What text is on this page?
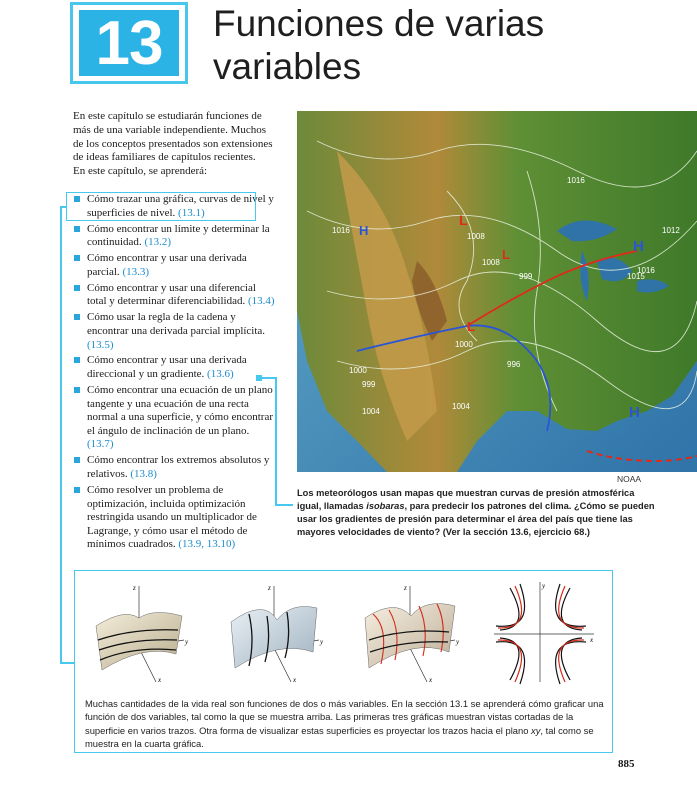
13	Funciones de varias variables
En este capítulo se estudiarán funciones de más de una variable independiente. Muchos de los conceptos presentados son extensiones de ideas familiares de capítulos recientes.
En este capítulo, se aprenderá:
Cómo trazar una gráfica, curvas de nivel y superficies de nivel. (13.1)
Cómo encontrar un límite y determinar la continuidad. (13.2)
Cómo encontrar y usar una derivada parcial. (13.3)
Cómo encontrar y usar una diferencial total y determinar diferenciabilidad. (13.4)
Cómo usar la regla de la cadena y encontrar una derivada parcial implícita. (13.5)
Cómo encontrar y usar una derivada direccional y un gradiente. (13.6)
Cómo encontrar una ecuación de un plano tangente y una ecuación de una recta normal a una superficie, y cómo encontrar el ángulo de inclinación de un plano. (13.7)
Cómo encontrar los extremos absolutos y relativos. (13.8)
Cómo resolver un problema de optimización, incluida optimización restringida usando un multiplicador de Lagrange, y cómo usar el método de mínimos cuadrados. (13.9, 13.10)
1016
1008
1016
1012
1016
1008
1015
999
1000
1000
999
1004
1004
996
H
L
L
L
H
H
NOAA
Los meteorólogos usan mapas que muestran curvas de presión atmosférica igual, llamadas isobaras, para predecir los patrones del clima. ¿Cómo se pueden usar los gradientes de presión para determinar el área del país que tiene las mayores velocidades de viento? (Ver la sección 13.6, ejercicio 68.)
z
y
x
z
y
x
z
y
x
y
x
Muchas cantidades de la vida real son funciones de dos o más variables. En la sección 13.1 se aprenderá cómo graficar una función de dos variables, tal como la que se muestra arriba. Las primeras tres gráficas muestran vistas cortadas de la superficie en varios trazos. Otra forma de visualizar estas superficies es proyectar los trazos hacia el plano xy, tal como se muestra en la cuarta gráfica.
885
